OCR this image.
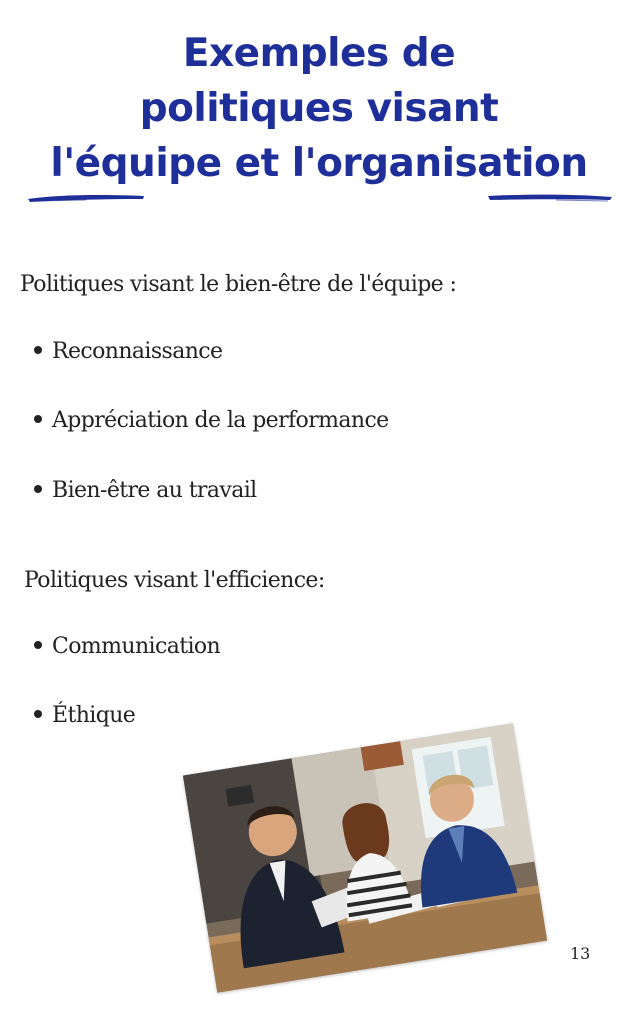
Exemples de
politiques visant
l'équipe et l'organisation
Politiques visant le bien-être de l'équipe :
Reconnaissance
Appréciation de la performance
Bien-être au travail
Politiques visant l'efficience:
Communication
Éthique
13
